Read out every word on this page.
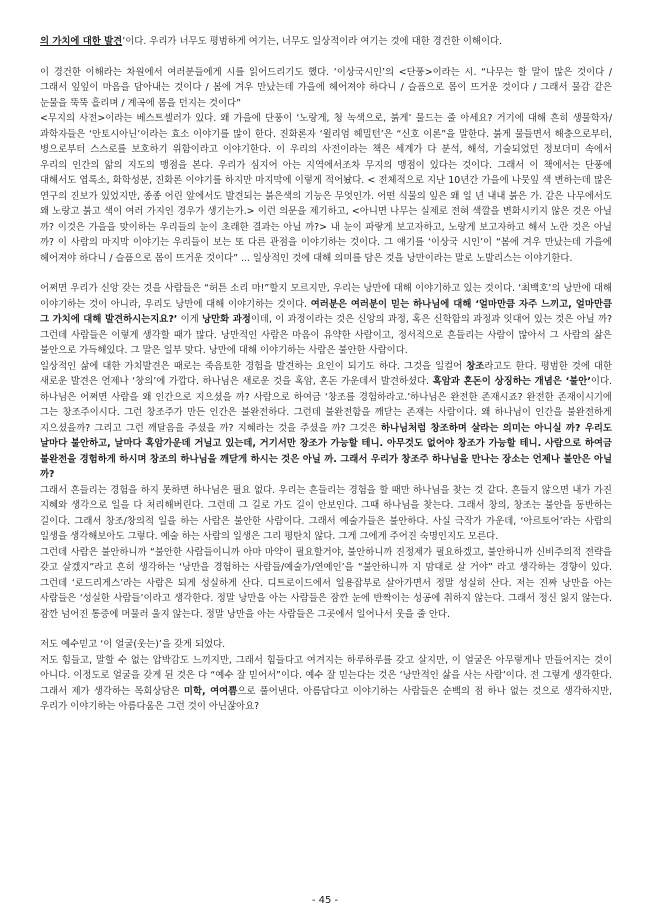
의 가치에 대한 발견’이다. 우리가 너무도 평범하게 여기는, 너무도 일상적이라 여기는 것에 대한 경건한 이해이다.

이 경건한 이해라는 차원에서 여러분들에게 시를 읽어드리기도 했다. ‘이상국시인’의 <단풍>이라는 시. “나무는 할 말이 많은 것이다 / 그래서 잎잎이 마음을 담아내는 것이다 / 봄에 겨우 만났는데 가을에 헤어져야 하다니 / 슬픔으로 몸이 뜨거운 것이다 / 그래서 물감 같은 눈물을 뚝뚝 흘리며 / 계곡에 몸을 던지는 것이다”

<무지의 사전>이라는 베스트셀러가 있다. 왜 가을에 단풍이 ‘노랑게, 청 녹색으로, 붉게’ 물드는 줄 아세요? 거기에 대해 흔히 생물학자/과학자들은 ‘안토시아닌’이라는 효소 이야기를 많이 한다. 진화론자 ‘윌리엄 헤밀턴’은 “신호 이론”을 말한다. 붉게 물들면서 해충으로부터, 병으로부터 스스로를 보호하기 위함이라고 이야기한다. 이 우리의 사전이라는 책은 세계가 다 분석, 해석, 기술되었던 정보더미 속에서 우리의 인간의 앎의 지도의 맹점을 본다. 우리가 심지어 아는 지역에서조차 무지의 맹점이 있다는 것이다. 그래서 이 책에서는 단풍에 대해서도 엽록소, 화학성분, 진화론 이야기를 하지만 마지막에 이렇게 적어놨다. < 전체적으로 지난 10년간 가을에 나뭇잎 색 변하는데 많은 연구의 진보가 있었지만, 종종 어린 앞에서도 발견되는 붉은색의 기능은 무엇인가. 어떤 식물의 잎은 왜 일 년 내내 붉은 가. 같은 나무에서도 왜 노랑고 붉고 색이 여러 가지인 경우가 생기는가.> 이런 의문을 제기하고, <아니면 나무는 실제로 전혀 색깔을 변화시키지 않은 것은 아닐 까? 이것은 가을을 맞이하는 우리들의 눈이 초래한 결과는 아닐 까?> 내 눈이 파랗게 보고자하고, 노랑게 보고자하고 해서 노란 것은 아닐 까? 이 사람의 마지막 이야기는 우리들이 보는 또 다른 관점을 이야기하는 것이다. 그 얘기를 ‘이상국 시인’이 “봄에 겨우 만났는데 가을에 헤어져야 하다니 / 슬픔으로 몸이 뜨거운 것이다” ... 일상적인 것에 대해 의미를 담은 것을 낭만이라는 말로 노발리스는 이야기한다.

어쩌면 우리가 신앙 갖는 것을 사람들은 “허튼 소리 마!”할지 모르지만, 우리는 낭만에 대해 이야기하고 있는 것이다. ‘최백호’의 낭만에 대해 이야기하는 것이 아니라, 우리도 낭만에 대해 이야기하는 것이다. 여러분은 여러분이 믿는 하나님에 대해 ‘얼마만큼 자주 느끼고, 얼마만큼 그 가치에 대해 발견하시는지요?’ 이게 낭만화 과정이데, 이 과정이라는 것은 신앙의 과정, 혹은 신학함의 과정과 잇대어 있는 것은 아닐 까? 그런데 사람들은 이렇게 생각할 때가 많다. 낭만적인 사람은 마음이 유약한 사람이고, 정서적으로 흔들리는 사람이 많아서 그 사람의 삶은 불안으로 가득해있다. 그 말은 일부 맞다. 낭만에 대해 이야기하는 사람은 불안한 사람이다.

일상적인 삶에 대한 가치발견은 때로는 죽음토한 경험을 발견하는 요인이 되기도 하다. 그것을 일컬어 창조라고도 한다. 평범한 것에 대한 새로운 발견은 언제나 ‘창의’에 가깝다. 하나님은 새로운 것을 혹암, 혼돈 가운데서 발견하셨다. 혹암과 혼돈이 상징하는 개념은 ‘불안’이다. 하나님은 어쩌면 사람을 왜 인간으로 지으셨을 까? 사람으로 하여금 ‘창조를 경험하라고.’하나님은 완전한 존재시죠? 완전한 존재이시기에 그는 창조주이시다. 그런 창조주가 만든 인간은 불완전하다. 그런데 불완전함을 깨닫는 존재는 사람이다. 왜 하나님이 인간을 불완전하게 지으셨을까? 그리고 그런 깨달음을 주셨을 까? 지혜라는 것을 주셨을 까? 그것은 하나님처럼 창조하며 살라는 의미는 아니실 까? 우리도 날마다 불안하고, 날마다 혹암가운데 거닐고 있는데, 거기서만 창조가 가능할 테니. 아무것도 없어야 창조가 가능할 테니. 사람으로 하여금 불완전을 경험하게 하시며 창조의 하나님을 깨닫게 하시는 것은 아닐 까. 그래서 우리가 창조주 하나님을 만나는 장소는 언제나 불안은 아닐 까?

그래서 흔들리는 경험을 하지 못하면 하나님은 필요 없다. 우리는 흔들리는 경험을 할 때만 하나님을 찾는 것 같다. 흔들지 않으면 내가 가진 지혜와 생각으로 일을 다 처리해버린다. 그런데 그 길로 가도 길이 안보인다. 그때 하나님을 찾는다. 그래서 창의, 창조는 불안을 동반하는 길이다. 그래서 창조/창의적 일을 하는 사람은 불안한 사람이다. 그래서 예술가들은 불안하다. 사실 극작가 가운데, ‘아르토어’라는 사람의 일생을 생각해보아도 그렇다. 예술 하는 사람의 일생은 그리 평탄치 않다. 그게 그에게 주어진 숙명인지도 모른다.

그런데 사람은 불안하니까 “불안한 사람들이니까 아마 마약이 필요할거야, 불안하니까 진정제가 필요하겠고, 불안하니까 신비주의적 전략을 갖고 살겠지”라고 흔히 생각하는 ‘낭만을 경험하는 사람들/예술가/연예인’을 “불안하니까 지 맘대로 살 거야” 라고 생각하는 경향이 있다. 그런데 ‘로드리게스’라는 사람은 되게 성실하게 산다. 디트로이드에서 일용잡부로 살아가면서 정말 성실히 산다. 저는 진짜 낭만을 아는 사람들은 ‘성실한 사람들’이라고 생각한다. 정말 낭만을 아는 사람들은 잠깐 눈에 반짝이는 성공에 취하지 않는다. 그래서 정신 잃지 않는다. 잠깐 넘어진 통증에 머물러 울지 않는다. 정말 낭만을 아는 사람들은 그곳에서 일어나서 웃을 줄 안다.

저도 예수믿고 ‘이 얼굴(웃는)’을 갖게 되었다.

저도 힘들고, 말할 수 없는 압박감도 느끼지만, 그래서 힘들다고 여겨지는 하루하루를 갖고 살지만, 이 얼굴은 아무렇게나 만들어지는 것이 아니다. 이정도로 얼굴을 갖게 된 것은 다 “예수 잘 믿어서”이다. 예수 잘 믿는다는 것은 ‘낭만적인 삶을 사는 사람’이다. 전 그렇게 생각한다. 그래서 제가 생각하는 목회상담은 미학, 여여쁨으로 풀어낸다. 아름답다고 이야기하는 사람들은 순백의 점 하나 없는 것으로 생각하지만, 우리가 이야기하는 아름다움은 그런 것이 아닌잖아요?

- 45 -
